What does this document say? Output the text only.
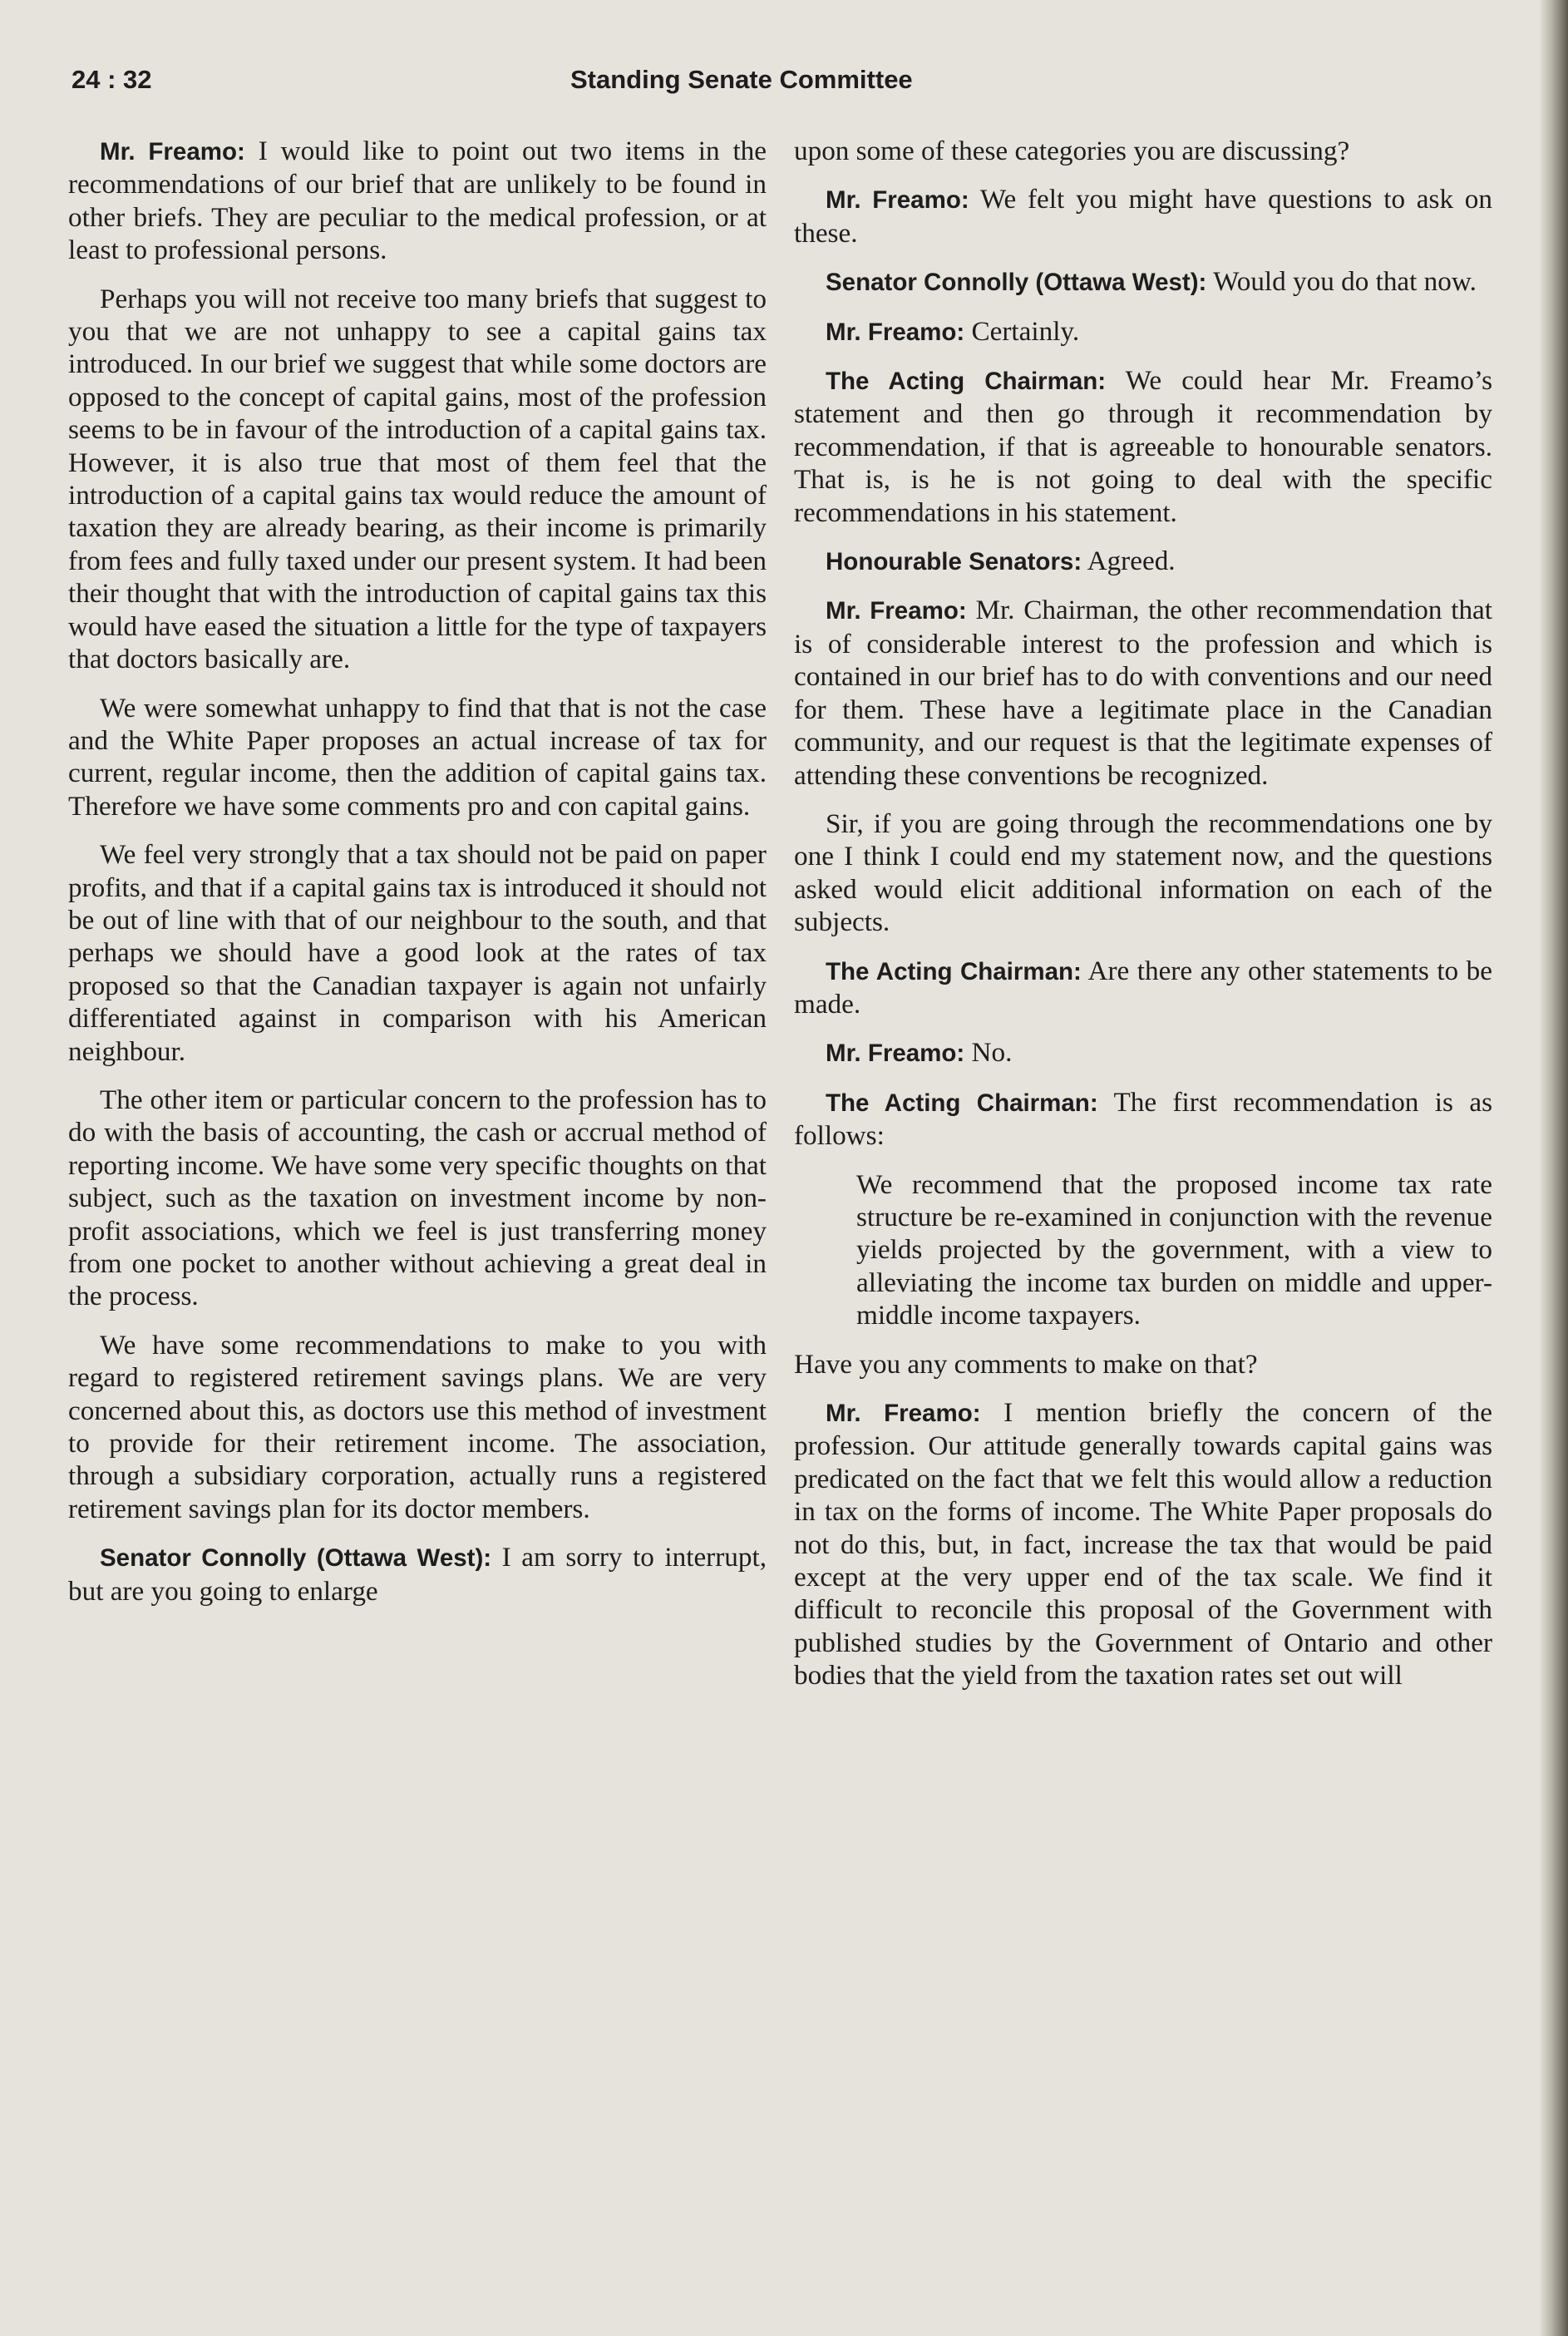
24 : 32	Standing Senate Committee

Mr. Freamo: I would like to point out two items in the recommendations of our brief that are unlikely to be found in other briefs. They are peculiar to the medical profession, or at least to professional persons.

Perhaps you will not receive too many briefs that suggest to you that we are not unhappy to see a capital gains tax introduced. In our brief we suggest that while some doctors are opposed to the concept of capital gains, most of the profession seems to be in favour of the introduction of a capital gains tax. However, it is also true that most of them feel that the introduction of a capital gains tax would reduce the amount of taxation they are already bearing, as their income is primarily from fees and fully taxed under our present system. It had been their thought that with the introduction of capital gains tax this would have eased the situation a little for the type of taxpayers that doctors basically are.

We were somewhat unhappy to find that that is not the case and the White Paper proposes an actual increase of tax for current, regular income, then the addition of capital gains tax. Therefore we have some comments pro and con capital gains.

We feel very strongly that a tax should not be paid on paper profits, and that if a capital gains tax is introduced it should not be out of line with that of our neighbour to the south, and that perhaps we should have a good look at the rates of tax proposed so that the Canadian taxpayer is again not unfairly differentiated against in comparison with his American neighbour.

The other item or particular concern to the profession has to do with the basis of accounting, the cash or accrual method of reporting income. We have some very specific thoughts on that subject, such as the taxation on investment income by non-profit associations, which we feel is just transferring money from one pocket to another without achieving a great deal in the process.

We have some recommendations to make to you with regard to registered retirement savings plans. We are very concerned about this, as doctors use this method of investment to provide for their retirement income. The association, through a subsidiary corporation, actually runs a registered retirement savings plan for its doctor members.

Senator Connolly (Ottawa West): I am sorry to interrupt, but are you going to enlarge

upon some of these categories you are discussing?

Mr. Freamo: We felt you might have questions to ask on these.

Senator Connolly (Ottawa West): Would you do that now.

Mr. Freamo: Certainly.

The Acting Chairman: We could hear Mr. Freamo’s statement and then go through it recommendation by recommendation, if that is agreeable to honourable senators. That is, is he is not going to deal with the specific recommendations in his statement.

Honourable Senators: Agreed.

Mr. Freamo: Mr. Chairman, the other recommendation that is of considerable interest to the profession and which is contained in our brief has to do with conventions and our need for them. These have a legitimate place in the Canadian community, and our request is that the legitimate expenses of attending these conventions be recognized.

Sir, if you are going through the recommendations one by one I think I could end my statement now, and the questions asked would elicit additional information on each of the subjects.

The Acting Chairman: Are there any other statements to be made.

Mr. Freamo: No.

The Acting Chairman: The first recommendation is as follows:

We recommend that the proposed income tax rate structure be re-examined in conjunction with the revenue yields projected by the government, with a view to alleviating the income tax burden on middle and upper-middle income taxpayers.

Have you any comments to make on that?

Mr. Freamo: I mention briefly the concern of the profession. Our attitude generally towards capital gains was predicated on the fact that we felt this would allow a reduction in tax on the forms of income. The White Paper proposals do not do this, but, in fact, increase the tax that would be paid except at the very upper end of the tax scale. We find it difficult to reconcile this proposal of the Government with published studies by the Government of Ontario and other bodies that the yield from the taxation rates set out will
